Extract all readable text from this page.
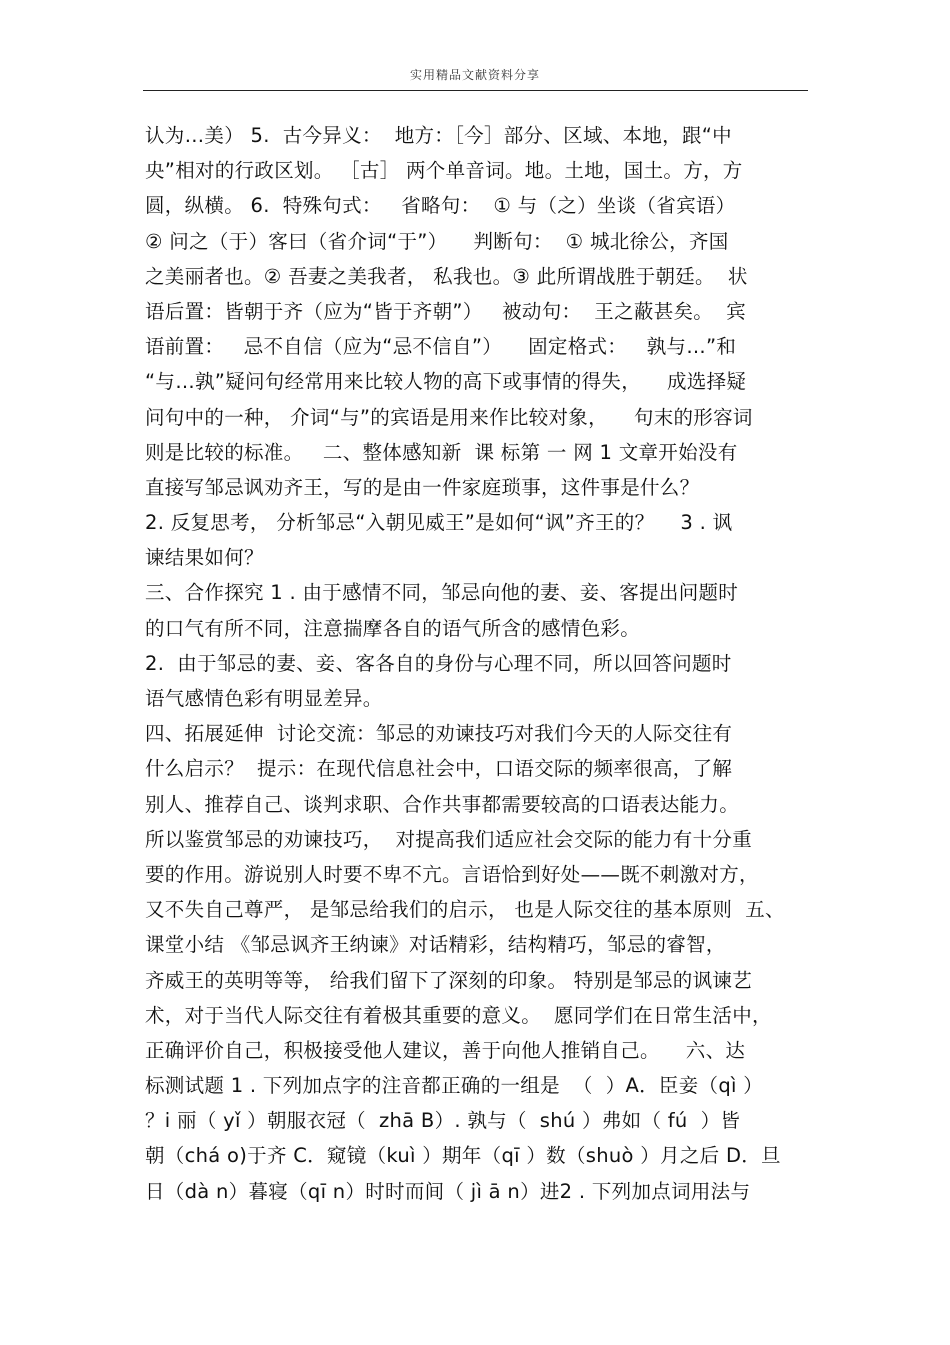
实用精品文献资料分享
认为…美） 5.  古今异义：  地方：［今］部分、区域、本地，跟“中
央”相对的行政区划。 ［古］ 两个单音词。地。土地，国土。方，方
圆，纵横。 6.  特殊句式：   省略句：  ① 与（之）坐谈（省宾语）
② 问之（于）客曰（省介词“于”）    判断句：  ① 城北徐公，齐国
之美丽者也。② 吾妻之美我者， 私我也。③ 此所谓战胜于朝廷。  状
语后置：皆朝于齐（应为“皆于齐朝”）   被动句：  王之蔽甚矣。  宾
语前置：   忌不自信（应为“忌不信自”）    固定格式：   孰与…”和
“与…孰”疑问句经常用来比较人物的高下或事情的得失，    成选择疑
问句中的一种， 介词“与”的宾语是用来作比较对象，    句末的形容词
则是比较的标准。   二、整体感知新  课 标第 一 网 1 文章开始没有
直接写邹忌讽劝齐王，写的是由一件家庭琐事，这件事是什么？
2. 反复思考， 分析邹忌“入朝见威王”是如何“讽”齐王的？    3 . 讽
谏结果如何？
三、合作探究 1 . 由于感情不同，邹忌向他的妻、妾、客提出问题时
的口气有所不同，注意揣摩各自的语气所含的感情色彩。
2.  由于邹忌的妻、妾、客各自的身份与心理不同，所以回答问题时
语气感情色彩有明显差异。
四、拓展延伸  讨论交流：邹忌的劝谏技巧对我们今天的人际交往有
什么启示？  提示：在现代信息社会中，口语交际的频率很高，了解
别人、推荐自己、谈判求职、合作共事都需要较高的口语表达能力。
所以鉴赏邹忌的劝谏技巧，  对提高我们适应社会交际的能力有十分重
要的作用。游说别人时要不卑不亢。言语恰到好处——既不刺激对方，
又不失自己尊严， 是邹忌给我们的启示， 也是人际交往的基本原则  五、
课堂小结 《邹忌讽齐王纳谏》对话精彩，结构精巧，邹忌的睿智，
齐威王的英明等等， 给我们留下了深刻的印象。 特别是邹忌的讽谏艺
术，对于当代人际交往有着极其重要的意义。  愿同学们在日常生活中，
正确评价自己，积极接受他人建议，善于向他人推销自己。    六、达
标测试题 1 . 下列加点字的注音都正确的一组是  （  ）A．臣妾（qì ）
？i 丽（ yǐ ）朝服衣冠（  zhā B）. 孰与（  shú ）弗如（ fú  ）皆
朝（chá o)于齐 C．窥镜（kuì ）期年（qī ）数（shuò ）月之后 D．旦
日（dà n）暮寝（qī n）时时而间（ jì ā n）进2 . 下列加点词用法与
